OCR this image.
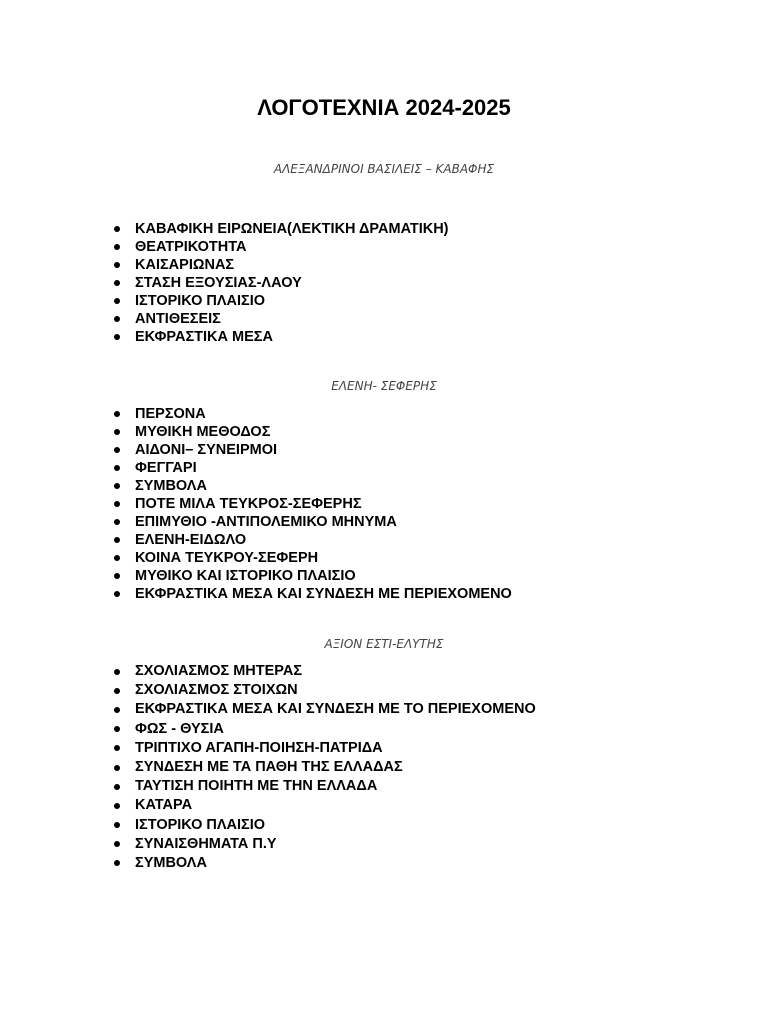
ΛΟΓΟΤΕΧΝΙΑ 2024-2025
ΑΛΕΞΑΝΔΡΙΝΟΙ ΒΑΣΙΛΕΙΣ – ΚΑΒΑΦΗΣ
ΚΑΒΑΦΙΚΗ ΕΙΡΩΝΕΙΑ(ΛΕΚΤΙΚΗ ΔΡΑΜΑΤΙΚΗ)
ΘΕΑΤΡΙΚΟΤΗΤΑ
ΚΑΙΣΑΡΙΩΝΑΣ
ΣΤΑΣΗ ΕΞΟΥΣΙΑΣ-ΛΑΟΥ
ΙΣΤΟΡΙΚΟ ΠΛΑΙΣΙΟ
ΑΝΤΙΘΕΣΕΙΣ
ΕΚΦΡΑΣΤΙΚΑ ΜΕΣΑ
ΕΛΕΝΗ- ΣΕΦΕΡΗΣ
ΠΕΡΣΟΝΑ
ΜΥΘΙΚΗ ΜΕΘΟΔΟΣ
ΑΙΔΟΝΙ– ΣΥΝΕΙΡΜΟΙ
ΦΕΓΓΑΡΙ
ΣΥΜΒΟΛΑ
ΠΟΤΕ ΜΙΛΑ ΤΕΥΚΡΟΣ-ΣΕΦΕΡΗΣ
ΕΠΙΜΥΘΙΟ -ΑΝΤΙΠΟΛΕΜΙΚΟ ΜΗΝΥΜΑ
ΕΛΕΝΗ-ΕΙΔΩΛΟ
ΚΟΙΝΑ ΤΕΥΚΡΟΥ-ΣΕΦΕΡΗ
ΜΥΘΙΚΟ ΚΑΙ ΙΣΤΟΡΙΚΟ ΠΛΑΙΣΙΟ
ΕΚΦΡΑΣΤΙΚΑ ΜΕΣΑ ΚΑΙ ΣΥΝΔΕΣΗ ΜΕ ΠΕΡΙΕΧΟΜΕΝΟ
ΑΞΙΟΝ ΕΣΤΙ-ΕΛΥΤΗΣ
ΣΧΟΛΙΑΣΜΟΣ ΜΗΤΕΡΑΣ
ΣΧΟΛΙΑΣΜΟΣ ΣΤΟΙΧΩΝ
ΕΚΦΡΑΣΤΙΚΑ ΜΕΣΑ ΚΑΙ ΣΥΝΔΕΣΗ ΜΕ ΤΟ ΠΕΡΙΕΧΟΜΕΝΟ
ΦΩΣ - ΘΥΣΙΑ
ΤΡΙΠΤΙΧΟ ΑΓΑΠΗ-ΠΟΙΗΣΗ-ΠΑΤΡΙΔΑ
ΣΥΝΔΕΣΗ ΜΕ ΤΑ ΠΑΘΗ ΤΗΣ ΕΛΛΑΔΑΣ
ΤΑΥΤΙΣΗ ΠΟΙΗΤΗ ΜΕ ΤΗΝ ΕΛΛΑΔΑ
ΚΑΤΑΡΑ
ΙΣΤΟΡΙΚΟ ΠΛΑΙΣΙΟ
ΣΥΝΑΙΣΘΗΜΑΤΑ Π.Υ
ΣΥΜΒΟΛΑ
